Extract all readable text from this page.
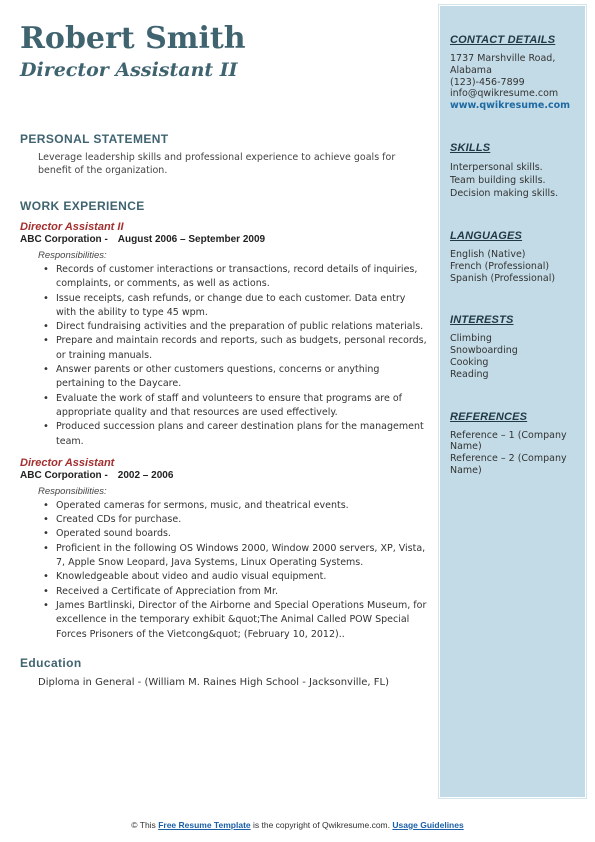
Robert Smith
Director Assistant II
PERSONAL STATEMENT
Leverage leadership skills and professional experience to achieve goals for benefit of the organization.
WORK EXPERIENCE
Director Assistant II
ABC Corporation - August 2006 – September 2009
Responsibilities:
• Records of customer interactions or transactions, record details of inquiries, complaints, or comments, as well as actions.
• Issue receipts, cash refunds, or change due to each customer. Data entry with the ability to type 45 wpm.
• Direct fundraising activities and the preparation of public relations materials.
• Prepare and maintain records and reports, such as budgets, personal records, or training manuals.
• Answer parents or other customers questions, concerns or anything pertaining to the Daycare.
• Evaluate the work of staff and volunteers to ensure that programs are of appropriate quality and that resources are used effectively.
• Produced succession plans and career destination plans for the management team.
Director Assistant
ABC Corporation - 2002 – 2006
Responsibilities:
• Operated cameras for sermons, music, and theatrical events.
• Created CDs for purchase.
• Operated sound boards.
• Proficient in the following OS Windows 2000, Window 2000 servers, XP, Vista, 7, Apple Snow Leopard, Java Systems, Linux Operating Systems.
• Knowledgeable about video and audio visual equipment.
• Received a Certificate of Appreciation from Mr.
• James Bartlinski, Director of the Airborne and Special Operations Museum, for excellence in the temporary exhibit &quot;The Animal Called POW Special Forces Prisoners of the Vietcong&quot; (February 10, 2012)..
Education
Diploma in General - (William M. Raines High School - Jacksonville, FL)
CONTACT DETAILS
1737 Marshville Road,
Alabama
(123)-456-7899
info@qwikresume.com
www.qwikresume.com
SKILLS
Interpersonal skills.
Team building skills.
Decision making skills.
LANGUAGES
English (Native)
French (Professional)
Spanish (Professional)
INTERESTS
Climbing
Snowboarding
Cooking
Reading
REFERENCES
Reference – 1 (Company Name)
Reference – 2 (Company Name)
© This Free Resume Template is the copyright of Qwikresume.com. Usage Guidelines
